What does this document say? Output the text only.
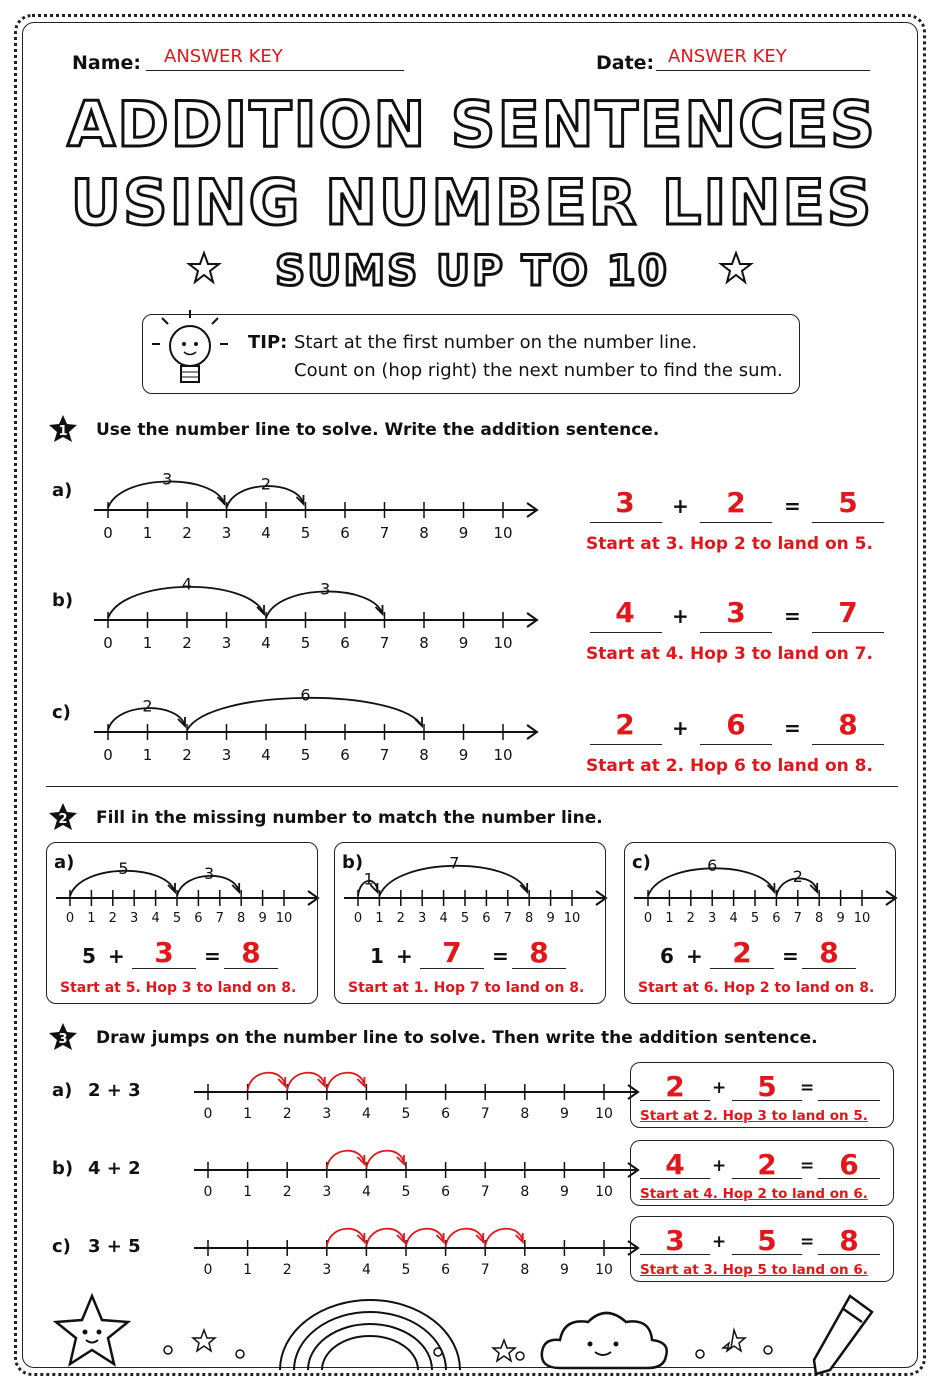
Name: ANSWER KEY	Date: ANSWER KEY
ADDITION SENTENCES
USING NUMBER LINES
SUMS UP TO 10
TIP: Start at the first number on the number line.
Count on (hop right) the next number to find the sum.
1 Use the number line to solve. Write the addition sentence.
0 1 2 3 4 5 6 7 8 9 10
3	2
0 1 2 3 4 5 6 7 8 9 10
4	3
0 1 2 3 4 5 6 7 8 9 10
2
6
0 1 2 3 4 5 6 7 8 9 10
5	3
0 1 2 3 4 5 6 7 8 9 10
1
7
0 1 2 3 4 5 6 7 8 9 10
6
2
0 1 2 3 4 5 6 7 8 9 10
0 1 2 3 4 5 6 7 8 9 10
0 1 2 3 4 5 6 7 8 9 10
2 Fill in the missing number to match the number line.
3 Draw jumps on the number line to solve. Then write the addition sentence.
a)	3	+	2	=	5
Start at 3. Hop 2 to land on 5.
b)	4	+	3	=	7
Start at 4. Hop 3 to land on 7.
c)	2	+	6	=	8
Start at 2. Hop 6 to land on 8.
a)
5 +	3	= 8
Start at 5. Hop 3 to land on 8.
b)
1 +	7	= 8
Start at 1. Hop 7 to land on 8.
c)
6 +	2	= 8
Start at 6. Hop 2 to land on 8.
a) 2 + 3	2	+	5	=
Start at 2. Hop 3 to land on 5.
b) 4 + 2	4	+	2	= 6
Start at 4. Hop 2 to land on 6.
c) 3 + 5	3	+	5	= 8
Start at 3. Hop 5 to land on 6.
